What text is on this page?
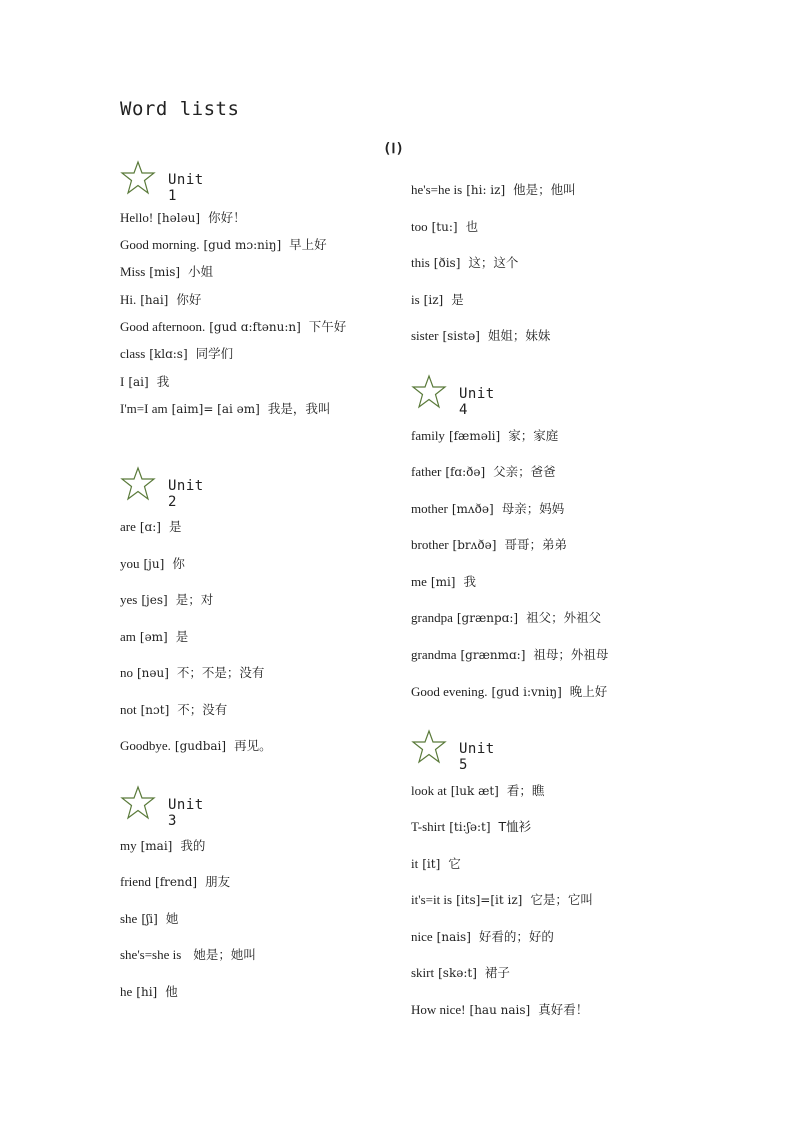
Word lists
(Ⅰ)
Unit 1
Unit 2
Unit 3
Unit 4
Unit 5
Hello! [hələu] 你好！
Good morning. [gud mɔ:niŋ] 早上好
Miss [mis] 小姐
Hi. [hai] 你好
Good afternoon. [gud ɑ:ftənu:n] 下午好
class [klɑ:s] 同学们
I [ai] 我
I'm=I am [aim]= [ai əm] 我是，我叫
are [ɑ:] 是
you [ju] 你
yes [jes] 是；对
am [əm] 是
no [nəu] 不；不是；没有
not [nɔt] 不；没有
Goodbye. [gudbai] 再见。
my [mai] 我的
friend [frend] 朋友
she [ʃi] 她
she's=she is 她是；她叫
he [hi] 他
he's=he is [hi: iz] 他是；他叫
too [tu:] 也
this [ðis] 这；这个
is [iz] 是
sister [sistə] 姐姐；妹妹
family [fæməli] 家；家庭
father [fɑ:ðə] 父亲；爸爸
mother [mʌðə] 母亲；妈妈
brother [brʌðə] 哥哥；弟弟
me [mi] 我
grandpa [grænpɑ:] 祖父；外祖父
grandma [grænmɑ:] 祖母；外祖母
Good evening. [gud i:vniŋ] 晚上好
look at [luk æt] 看；瞧
T-shirt [ti:ʃə:t] T恤衫
it [it] 它
it's=it is [its]=[it iz] 它是；它叫
nice [nais] 好看的；好的
skirt [skə:t] 裙子
How nice! [hau nais] 真好看！
